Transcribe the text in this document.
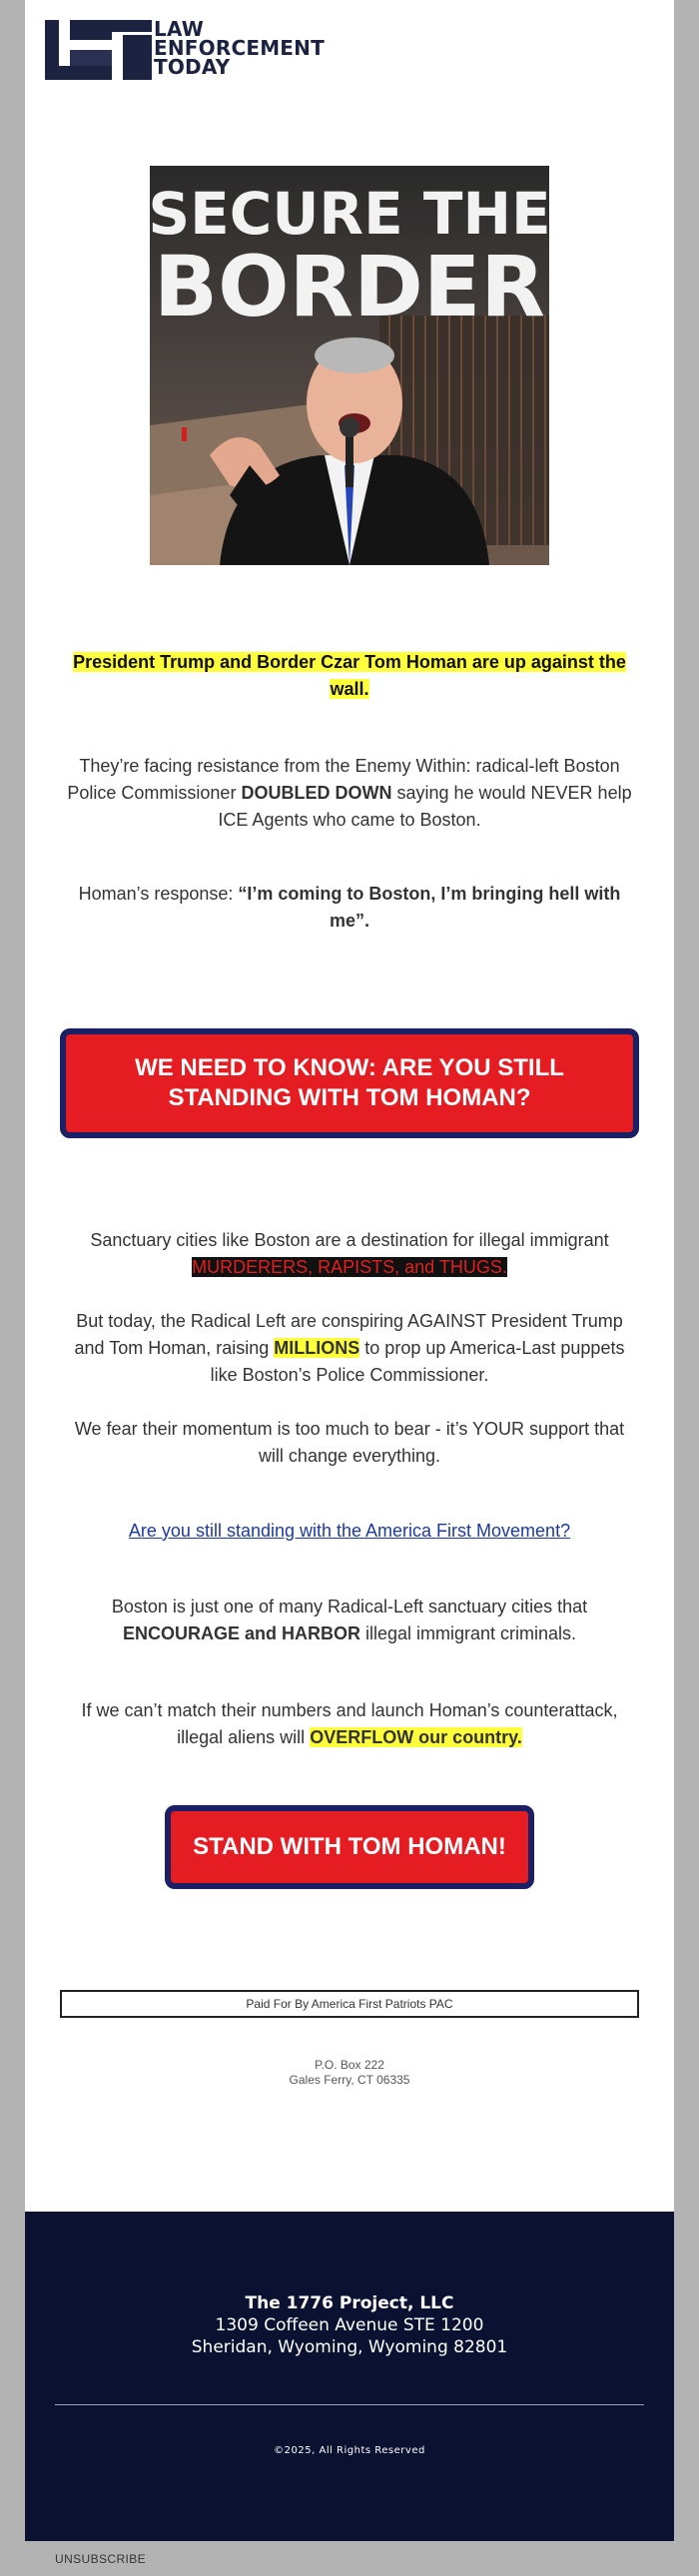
LAW
ENFORCEMENT
TODAY
SECURE THE
BORDER
President Trump and Border Czar Tom Homan are up against the wall.
They’re facing resistance from the Enemy Within: radical-left Boston Police Commissioner DOUBLED DOWN saying he would NEVER help ICE Agents who came to Boston.
Homan’s response: “I’m coming to Boston, I’m bringing hell with me”.
WE NEED TO KNOW: ARE YOU STILL STANDING WITH TOM HOMAN?
Sanctuary cities like Boston are a destination for illegal immigrant MURDERERS, RAPISTS, and THUGS.
But today, the Radical Left are conspiring AGAINST President Trump and Tom Homan, raising MILLIONS to prop up America-Last puppets like Boston’s Police Commissioner.
We fear their momentum is too much to bear - it’s YOUR support that will change everything.
Are you still standing with the America First Movement?
Boston is just one of many Radical-Left sanctuary cities that ENCOURAGE and HARBOR illegal immigrant criminals.
If we can’t match their numbers and launch Homan’s counterattack, illegal aliens will OVERFLOW our country.
STAND WITH TOM HOMAN!
Paid For By America First Patriots PAC
P.O. Box 222
Gales Ferry, CT 06335
The 1776 Project, LLC
1309 Coffeen Avenue STE 1200
Sheridan, Wyoming, Wyoming 82801
©2025, All Rights Reserved
UNSUBSCRIBE
